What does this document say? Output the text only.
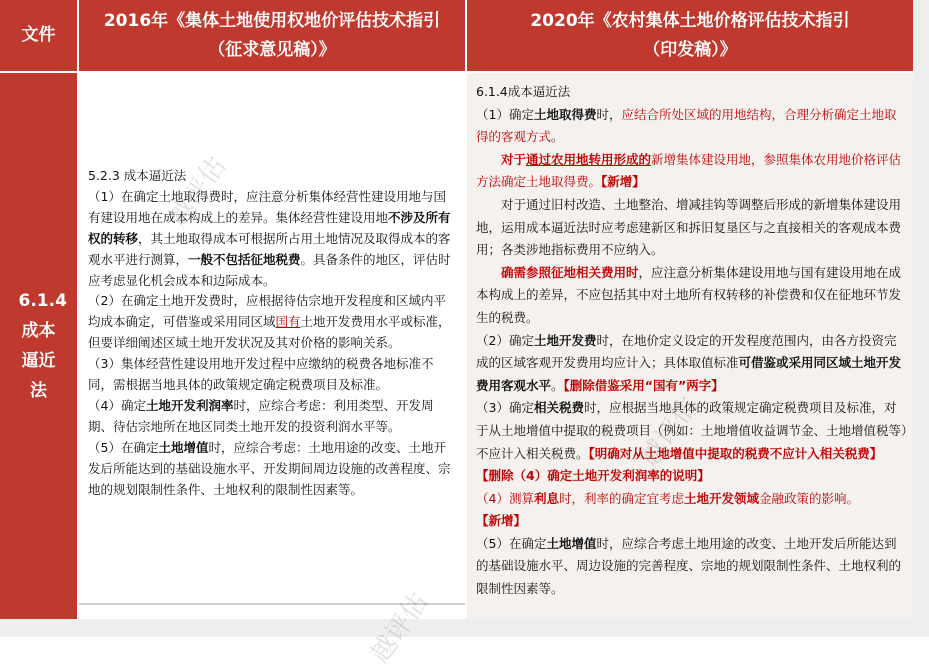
文件
2016年《集体土地使用权地价评估技术指引
（征求意见稿）》
2020年《农村集体土地价格评估技术指引
（印发稿）》
6.1.4
成本
逼近
法

5.2.3 成本逼近法

（1）在确定土地取得费时，应注意分析集体经营性建设用地与国有建设用地在成本构成上的差异。集体经营性建设用地不涉及所有权的转移，其土地取得成本可根据所占用土地情况及取得成本的客观水平进行测算，一般不包括征地税费。具备条件的地区，评估时应考虑显化机会成本和边际成本。

（2）在确定土地开发费时，应根据待估宗地开发程度和区域内平均成本确定，可借鉴或采用同区域国有土地开发费用水平或标准，但要详细阐述区域土地开发状况及其对价格的影响关系。

（3）集体经营性建设用地开发过程中应缴纳的税费各地标准不同，需根据当地具体的政策规定确定税费项目及标准。

（4）确定土地开发利润率时，应综合考虑：利用类型、开发周期、待估宗地所在地区同类土地开发的投资利润水平等。

（5）在确定土地增值时，应综合考虑：土地用途的改变、土地开发后所能达到的基础设施水平、开发期间周边设施的改善程度、宗地的规划限制性条件、土地权利的限制性因素等。

6.1.4成本逼近法

（1）确定土地取得费时，应结合所处区域的用地结构，合理分析确定土地取得的客观方式。

对于通过农用地转用形成的新增集体建设用地，参照集体农用地价格评估方法确定土地取得费。【新增】

对于通过旧村改造、土地整治、增减挂钩等调整后形成的新增集体建设用地，运用成本逼近法时应考虑建新区和拆旧复垦区与之直接相关的客观成本费用；各类涉地指标费用不应纳入。

确需参照征地相关费用时，应注意分析集体建设用地与国有建设用地在成本构成上的差异，不应包括其中对土地所有权转移的补偿费和仅在征地环节发生的税费。

（2）确定土地开发费时，在地价定义设定的开发程度范围内，由各方投资完成的区域客观开发费用均应计入；具体取值标准可借鉴或采用同区域土地开发费用客观水平。【删除借鉴采用“国有”两字】

（3）确定相关税费时，应根据当地具体的政策规定确定税费项目及标准，对于从土地增值中提取的税费项目（例如：土地增值收益调节金、土地增值税等）不应计入相关税费。【明确对从土地增值中提取的税费不应计入相关税费】

【删除（4）确定土地开发利润率的说明】

（4）测算利息时，利率的确定宜考虑土地开发领域金融政策的影响。

【新增】

（5）在确定土地增值时，应综合考虑土地用途的改变、土地开发后所能达到的基础设施水平、周边设施的完善程度、宗地的规划限制性条件、土地权利的限制性因素等。

越评估
越评估
越评估
